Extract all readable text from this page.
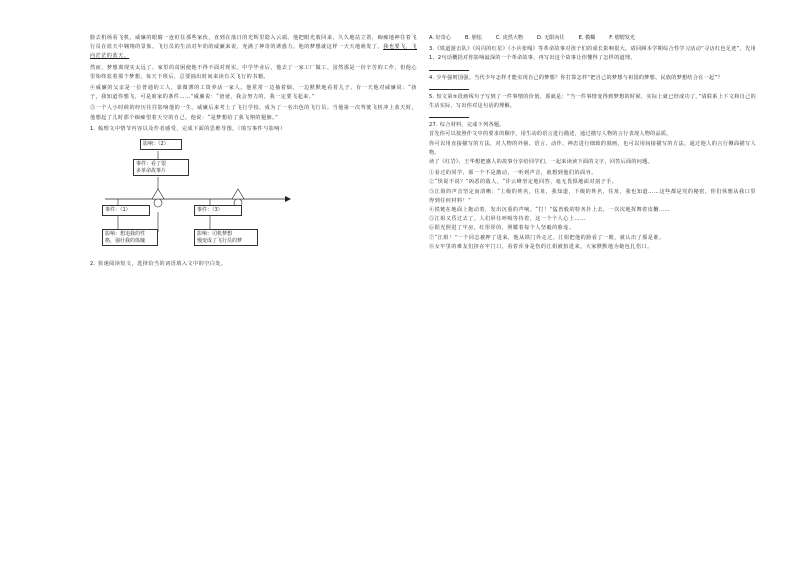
脸去机场看飞机。威廉的眼睛一连盯住那些家伙，直到在落日的光辉里隐入云端。他把眼光收回来，久久地站立着，痴痴地神往着飞行员在蓝天中翱翔的景象。飞行员的生活对年幼的威廉来说，充满了神奇的诱惑力。他的梦想就这样一天天地萌发了。我也要飞，飞向茫茫的蓝天。

然而，梦想离现实太远了。家里的贫困使他不得不面对现实。中学毕业后，他去了一家工厂做工。虽然那是一份辛苦的工作，但他心里始终装着那个梦想，每天下班后，总要抽出时间来读有关飞行的书籍。

④威廉的父亲是一位普通的工人，靠微薄的工资养活一家人。他常常一边抽着烟，一边默默地看着儿子。有一天他对威廉说：“孩子，我知道你想飞，可是咱家的条件……”威廉说：“爸爸，我会努力的，我一定要飞起来。”

⑤一个人小时候的经历往往影响他的一生。威廉后来考上了飞行学校，成为了一名出色的飞行员。当他第一次驾驶飞机冲上蓝天时，他想起了儿时那个痴痴望着天空的自己。他说：“是梦想给了我飞翔的翅膀。”

1. 梳理文中情节内容以及作者感受，完成下面的思维导图。（填写事件与影响）

影响：（2）
事件：看了很
多革命故事片
事件：（1）	事件：（3）
影响：想追我的性
格，强壮我的体魄
影响：司机梦想
慢变成了飞行员的梦

2. 快速阅读短文，选择恰当的词语填入文中的空白处。

A. 好奇心	B. 胆怯	C. 虎然大物	D. 无限向往	E. 模糊	F. 熠熠发光

3.《铁道游击队》《闪闪的红星》《小兵张嘎》等革命故事对孩子们的成长影响很大。请回顾本学期综合性学习活动“寻访红色足迹”，先用1、2句话概括对你影响最深的一个革命故事，再写出这个故事让你懂得了怎样的道理。

4. 少年强则国强。当代少年怎样才能实现自己的梦想？你打算怎样“把自己的梦想与祖国的梦想、民族的梦想结合在一起”？

5. 短文第⑤段画线句子写到了一件事情的价值，那就是：“当一件事情变得到梦想的时候，实际上就已经成功了。”请联系上下文和自己的生活实际，写出你对这句话的理解。

27. 综合材料，完成下列各题。

首先你可以按照作文中的要求的顺序，用生动的语言进行描述，通过描写人物的言行表现人物的品质。

你可以用直接描写的方法，对人物的外貌、语言、动作、神态进行细致的刻画，也可以用间接描写的方法，通过他人的言行侧面描写人物。

读了《红岩》，王华想把感人的故事分享给同学们，一起来读读下面的文字，回答后面的问题。

①看过的同学，那一个不是激动，一听到声音，就想到他们的面容。

②“快说不说？”凶恶的敌人。“许云峰坚定地回答，毫无畏惧地面对刽子手。

③江姐的声音坚定而清晰：“上级的姓名，住址，我知道，下级的姓名，住址，我也知道……这些都是党的秘密，你们休想从我口里得到任何材料！”

④铁链在地面上拖动着，发出沉重的声响。“打！”猛兽般的特务扑上去，一次次地挥舞着皮鞭……

⑤江姐又昏过去了。人们屏住呼吸等待着，这一个个人心上……

⑥阳光照进了牢房，红彤彤的，照耀着每个人坚毅的脸庞。

⑦“江姐！”一个同志被押了进来，他从铁门外走过。江姐把他的脸看了一眼，就认出了那是谁。

⑧女牢里的难友们挤在牢门口，看着浑身是伤的江姐被抬进来。大家默默地为她包扎伤口。
